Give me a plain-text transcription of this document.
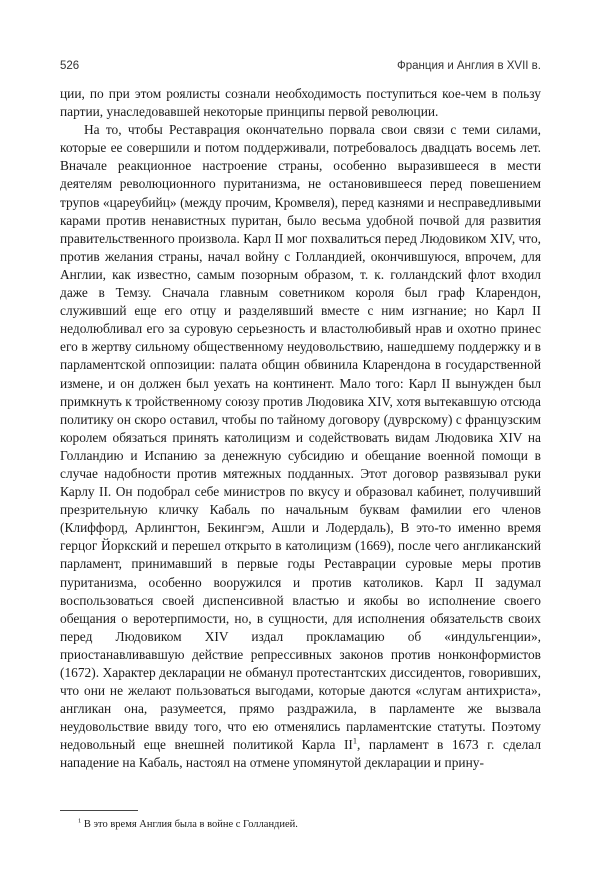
526	Франция и Англия в XVII в.

ции, по при этом роялисты сознали необходимость поступиться кое-чем в пользу партии, унаследовавшей некоторые принципы первой революции.

На то, чтобы Реставрация окончательно порвала свои связи с теми силами, которые ее совершили и потом поддерживали, потребовалось двадцать восемь лет. Вначале реакционное настроение страны, особенно выразившееся в мести деятелям революционного пуританизма, не остановившееся перед повешением трупов «цареубийц» (между прочим, Кромвеля), перед казнями и несправедливыми карами против ненавистных пуритан, было весьма удобной почвой для развития правительственного произвола. Карл II мог похвалиться перед Людовиком XIV, что, против желания страны, начал войну с Голландией, окончившуюся, впрочем, для Англии, как известно, самым позорным образом, т. к. голландский флот входил даже в Темзу. Сначала главным советником короля был граф Кларендон, служивший еще его отцу и разделявший вместе с ним изгнание; но Карл II недолюбливал его за суровую серьезность и властолюбивый нрав и охотно принес его в жертву сильному общественному неудовольствию, нашедшему поддержку и в парламентской оппозиции: палата общин обвинила Кларендона в государственной измене, и он должен был уехать на континент. Мало того: Карл II вынужден был примкнуть к тройственному союзу против Людовика XIV, хотя вытекавшую отсюда политику он скоро оставил, чтобы по тайному договору (дуврскому) с французским королем обязаться принять католицизм и содействовать видам Людовика XIV на Голландию и Испанию за денежную субсидию и обещание военной помощи в случае надобности против мятежных подданных. Этот договор развязывал руки Карлу II. Он подобрал себе министров по вкусу и образовал кабинет, получивший презрительную кличку Кабаль по начальным буквам фамилии его членов (Клиффорд, Арлингтон, Бекингэм, Ашли и Лодердаль), В это-то именно время герцог Йоркский и перешел открыто в католицизм (1669), после чего англиканский парламент, принимавший в первые годы Реставрации суровые меры против пуританизма, особенно вооружился и против католиков. Карл II задумал воспользоваться своей диспенсивной властью и якобы во исполнение своего обещания о веротерпимости, но, в сущности, для исполнения обязательств своих перед Людовиком XIV издал прокламацию об «индульгенции», приостанавливавшую действие репрессивных законов против нонконформистов (1672). Характер декларации не обманул протестантских диссидентов, говоривших, что они не желают пользоваться выгодами, которые даются «слугам антихриста», англикан она, разумеется, прямо раздражила, в парламенте же вызвала неудовольствие ввиду того, что ею отменялись парламентские статуты. Поэтому недовольный еще внешней политикой Карла $II^1$, парламент в 1673 г. сделал нападение на Кабаль, настоял на отмене упомянутой декларации и прину-

$^1$ В это время Англия была в войне с Голландией.
